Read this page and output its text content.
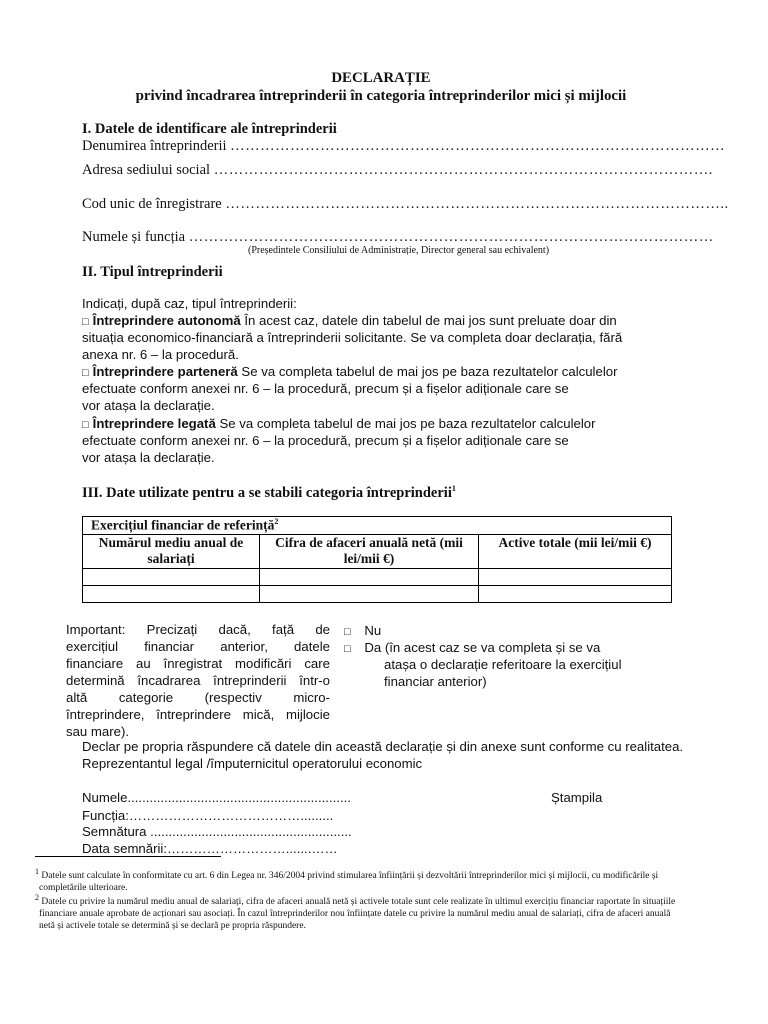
DECLARAȚIE
privind încadrarea întreprinderii în categoria întreprinderilor mici și mijlocii
I. Datele de identificare ale întreprinderii
Denumirea întreprinderii ………………………………………………………………………………………
Adresa sediului social ……………………………………………………………………………………….
Cod unic de înregistrare ………………………………………………………………………………………..
Numele și funcția ……………………………………………………………………………………………
(Președintele Consiliului de Administrație, Director general sau echivalent)
II. Tipul întreprinderii
Indicați, după caz, tipul întreprinderii:
□ Întreprindere autonomă În acest caz, datele din tabelul de mai jos sunt preluate doar din
situația economico-financiară a întreprinderii solicitante. Se va completa doar declarația, fără
anexa nr. 6 – la procedură.
□ Întreprindere parteneră Se va completa tabelul de mai jos pe baza rezultatelor calculelor
efectuate conform anexei nr. 6 – la procedură, precum și a fișelor adiționale care se
vor atașa la declarație.
□ Întreprindere legată Se va completa tabelul de mai jos pe baza rezultatelor calculelor
efectuate conform anexei nr. 6 – la procedură, precum și a fișelor adiționale care se
vor atașa la declarație.
III. Date utilizate pentru a se stabili categoria întreprinderii$^1$
Exercițiul financiar de referință$^2$
Numărul mediu anual de salariați	Cifra de afaceri anuală netă (mii lei/mii €)	Active totale (mii lei/mii €)

Important: Precizați dacă, față de
exercițiul financiar anterior, datele
financiare au înregistrat modificări care
determină încadrarea întreprinderii într-o
altă categorie (respectiv micro-
întreprindere, întreprindere mică, mijlocie
sau mare).
□ Nu
□ Da (în acest caz se va completa și se va
atașa o declarație referitoare la exercițiul
financiar anterior)
Declar pe propria răspundere că datele din această declarație și din anexe sunt conforme cu realitatea.
Reprezentantul legal /împuternicitul operatorului economic
Numele.............................................................
Funcția:………………………………….........
Semnătura .......................................................
Data semnării:……………………….......……
Ștampila
$^1$ Datele sunt calculate în conformitate cu art. 6 din Legea nr. 346/2004 privind stimularea înființării și dezvoltării întreprinderilor mici și mijlocii, cu modificările și
completările ulterioare.
$^2$ Datele cu privire la numărul mediu anual de salariați, cifra de afaceri anuală netă și activele totale sunt cele realizate în ultimul exercițiu financiar raportate în situațiile
financiare anuale aprobate de acționari sau asociați. În cazul întreprinderilor nou înființate datele cu privire la numărul mediu anual de salariați, cifra de afaceri anuală
netă și activele totale se determină și se declară pe propria răspundere.
